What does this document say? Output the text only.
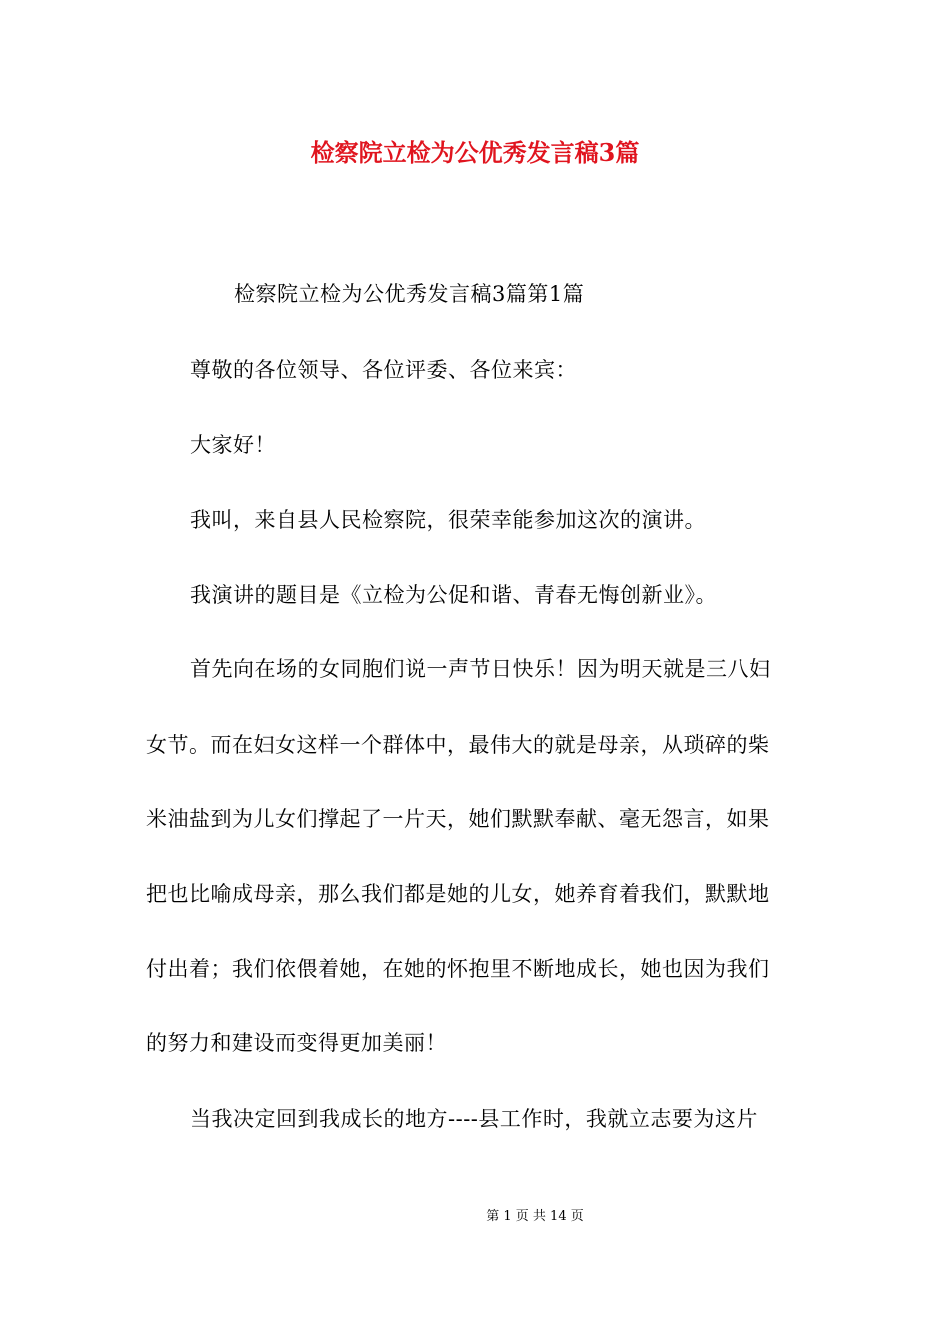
检察院立检为公优秀发言稿3篇
检察院立检为公优秀发言稿3篇第1篇
尊敬的各位领导、各位评委、各位来宾：
大家好！
我叫，来自县人民检察院，很荣幸能参加这次的演讲。
我演讲的题目是《立检为公促和谐、青春无悔创新业》。
首先向在场的女同胞们说一声节日快乐！因为明天就是三八妇
女节。而在妇女这样一个群体中，最伟大的就是母亲，从琐碎的柴
米油盐到为儿女们撑起了一片天，她们默默奉献、毫无怨言，如果
把也比喻成母亲，那么我们都是她的儿女，她养育着我们，默默地
付出着；我们依偎着她，在她的怀抱里不断地成长，她也因为我们
的努力和建设而变得更加美丽！
当我决定回到我成长的地方----县工作时，我就立志要为这片
第 1 页 共 14 页
